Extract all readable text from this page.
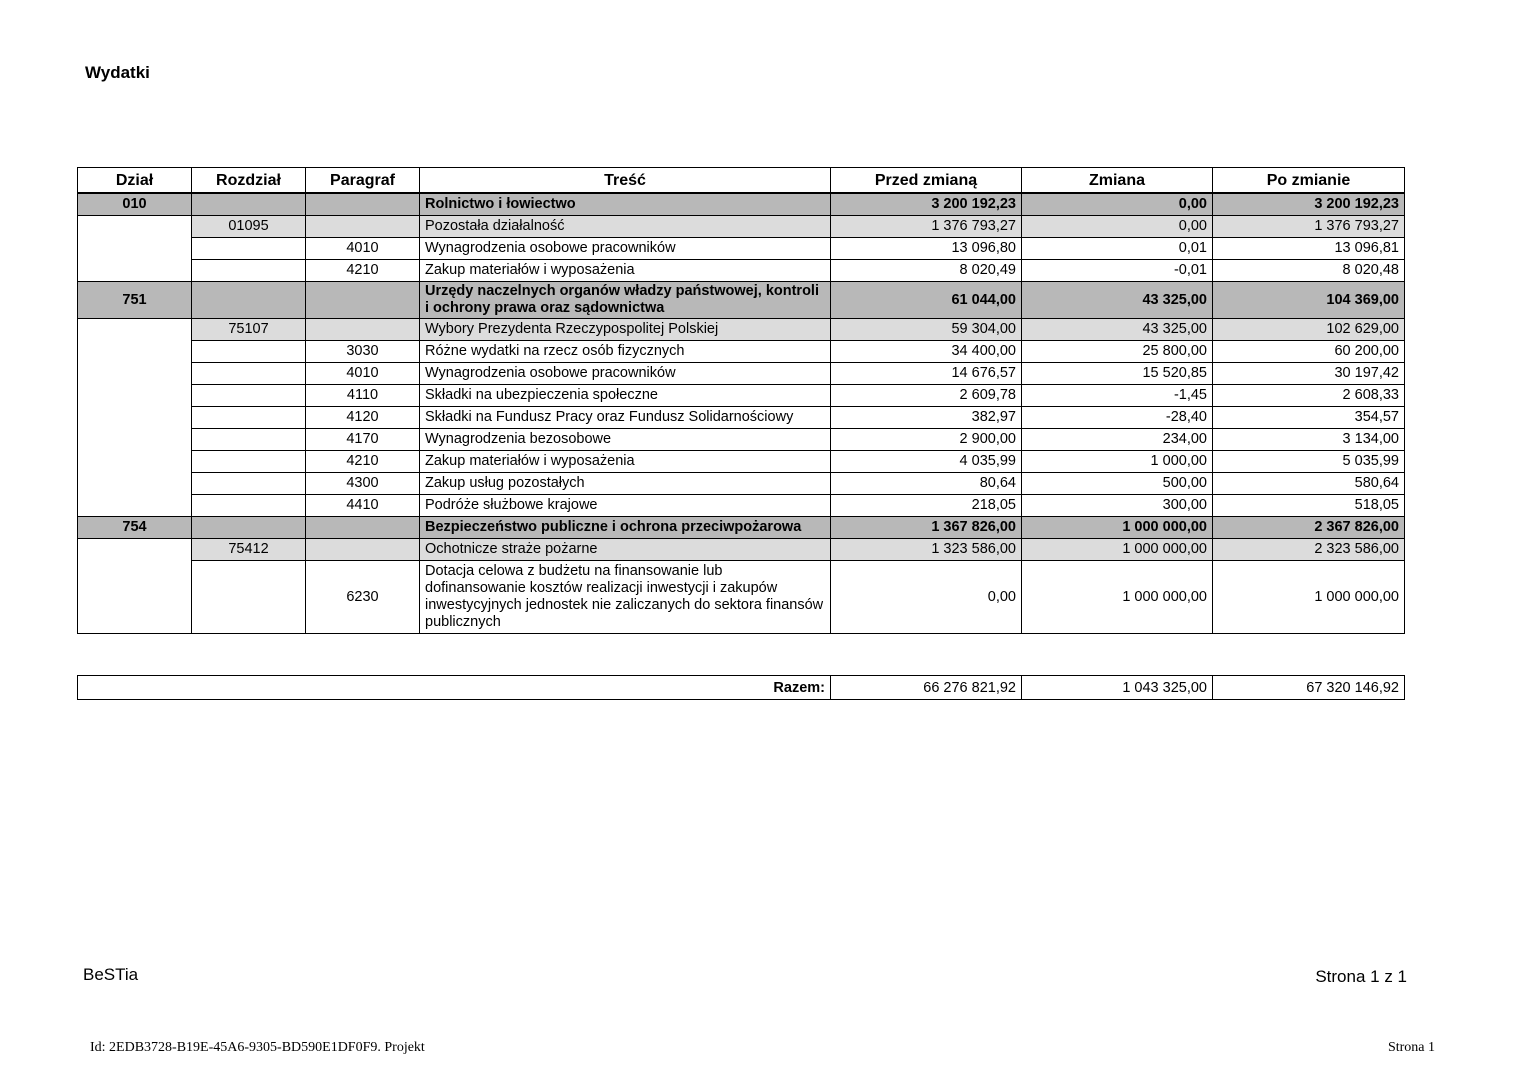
Wydatki
Dział	Rozdział	Paragraf	Treść	Przed zmianą	Zmiana	Po zmianie
010			Rolnictwo i łowiectwo	3 200 192,23	0,00	3 200 192,23
	01095		Pozostała działalność	1 376 793,27	0,00	1 376 793,27
		4010	Wynagrodzenia osobowe pracowników	13 096,80	0,01	13 096,81
		4210	Zakup materiałów i wyposażenia	8 020,49	-0,01	8 020,48
751			Urzędy naczelnych organów władzy państwowej, kontroli i ochrony prawa oraz sądownictwa	61 044,00	43 325,00	104 369,00
	75107		Wybory Prezydenta Rzeczypospolitej Polskiej	59 304,00	43 325,00	102 629,00
		3030	Różne wydatki na rzecz osób fizycznych	34 400,00	25 800,00	60 200,00
		4010	Wynagrodzenia osobowe pracowników	14 676,57	15 520,85	30 197,42
		4110	Składki na ubezpieczenia społeczne	2 609,78	-1,45	2 608,33
		4120	Składki na Fundusz Pracy oraz Fundusz Solidarnościowy	382,97	-28,40	354,57
		4170	Wynagrodzenia bezosobowe	2 900,00	234,00	3 134,00
		4210	Zakup materiałów i wyposażenia	4 035,99	1 000,00	5 035,99
		4300	Zakup usług pozostałych	80,64	500,00	580,64
		4410	Podróże służbowe krajowe	218,05	300,00	518,05
754			Bezpieczeństwo publiczne i ochrona przeciwpożarowa	1 367 826,00	1 000 000,00	2 367 826,00
	75412		Ochotnicze straże pożarne	1 323 586,00	1 000 000,00	2 323 586,00
		6230	Dotacja celowa z budżetu na finansowanie lub dofinansowanie kosztów realizacji inwestycji i zakupów inwestycyjnych jednostek nie zaliczanych do sektora finansów publicznych	0,00	1 000 000,00	1 000 000,00
Razem:	66 276 821,92	1 043 325,00	67 320 146,92
BeSTia	Strona 1 z 1
Id: 2EDB3728-B19E-45A6-9305-BD590E1DF0F9. Projekt	Strona 1
